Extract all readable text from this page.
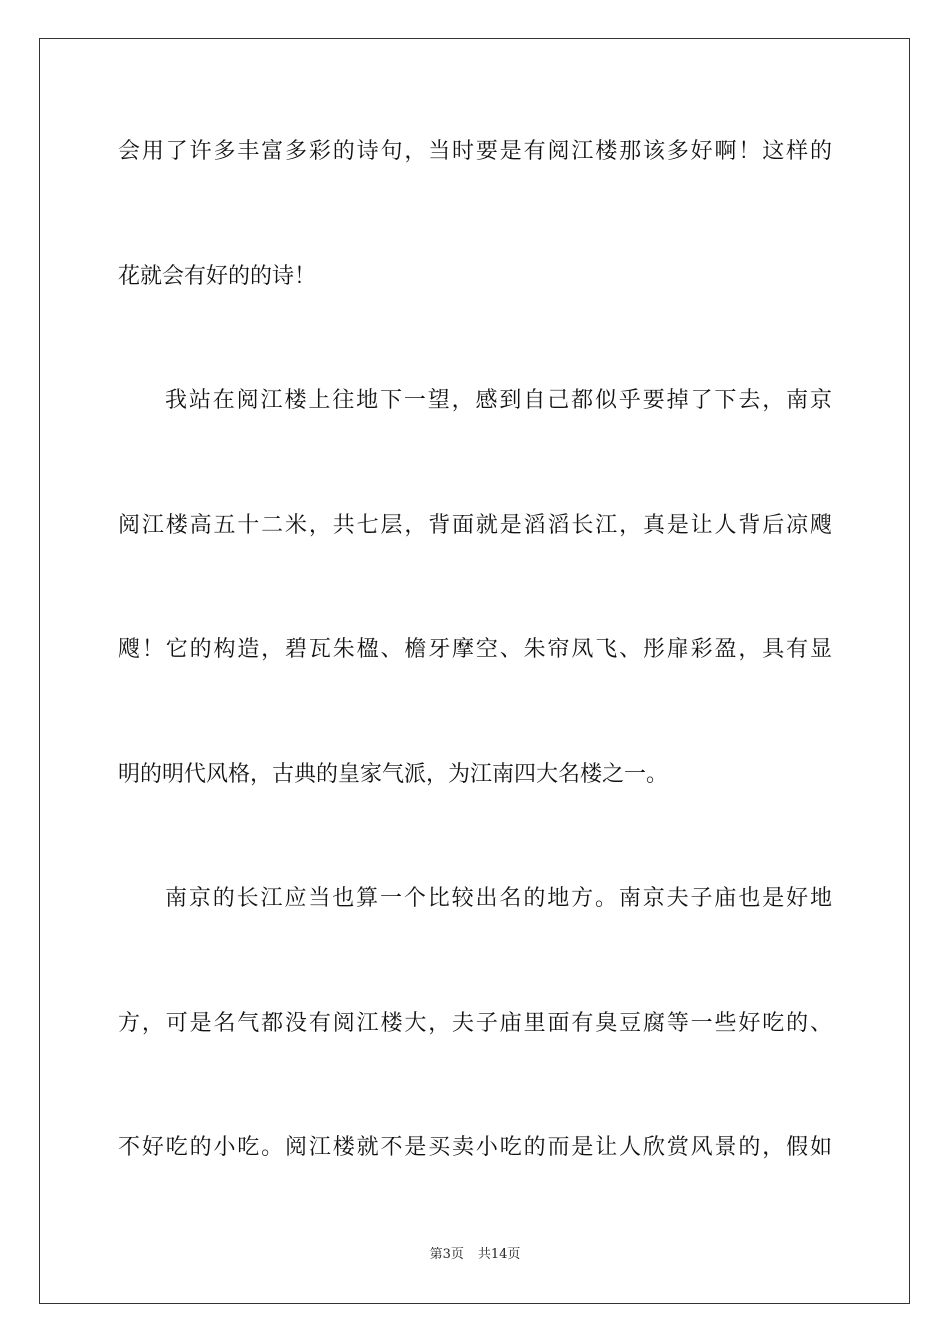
会用了许多丰富多彩的诗句，当时要是有阅江楼那该多好啊！这样的
花就会有好的的诗！
我站在阅江楼上往地下一望，感到自己都似乎要掉了下去，南京
阅江楼高五十二米，共七层，背面就是滔滔长江，真是让人背后凉飕
飕！它的构造，碧瓦朱楹、檐牙摩空、朱帘凤飞、彤扉彩盈，具有显
明的明代风格，古典的皇家气派，为江南四大名楼之一。
南京的长江应当也算一个比较出名的地方。南京夫子庙也是好地
方，可是名气都没有阅江楼大，夫子庙里面有臭豆腐等一些好吃的、
不好吃的小吃。阅江楼就不是买卖小吃的而是让人欣赏风景的，假如
第3页 共14页
